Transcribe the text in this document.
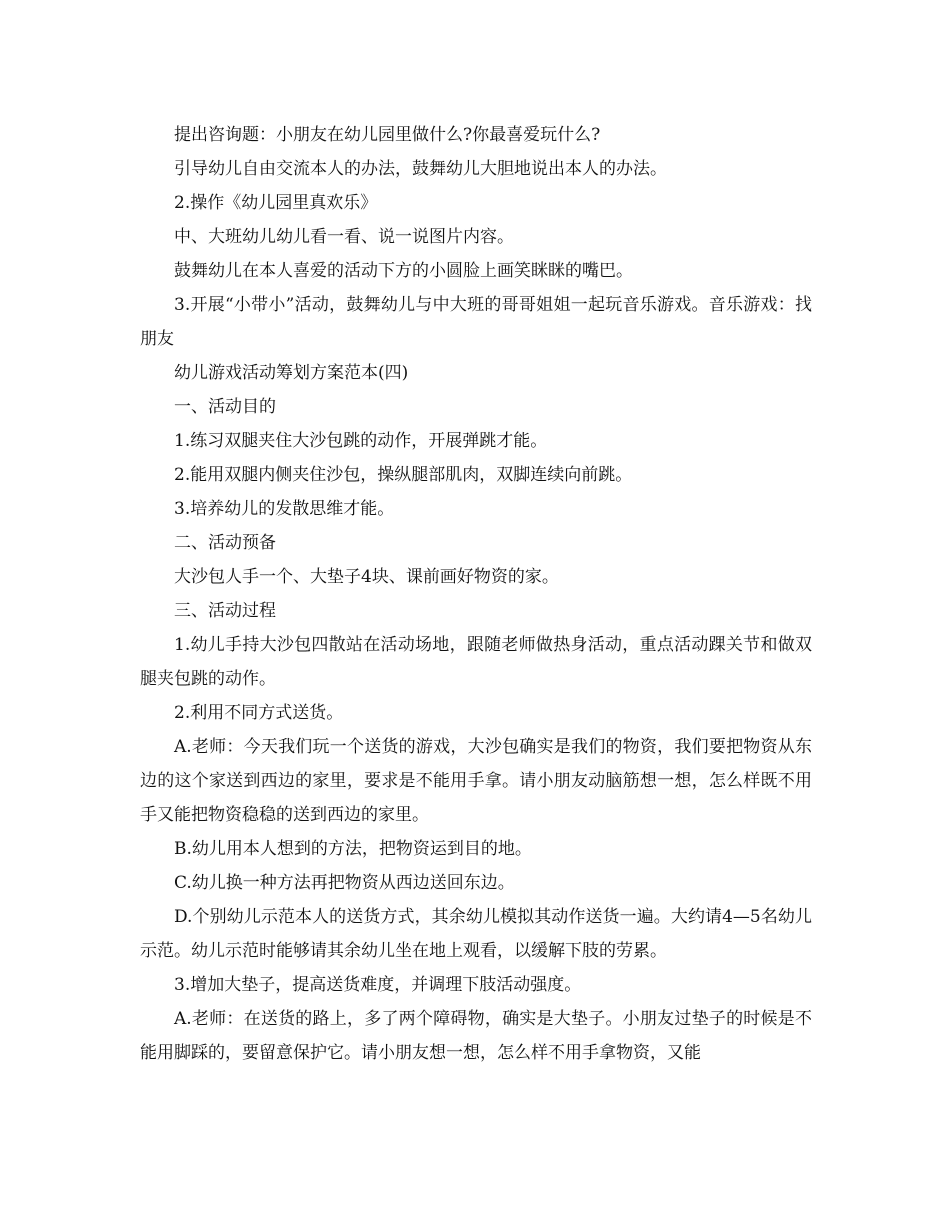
提出咨询题：小朋友在幼儿园里做什么?你最喜爱玩什么?

引导幼儿自由交流本人的办法，鼓舞幼儿大胆地说出本人的办法。

2.操作《幼儿园里真欢乐》

中、大班幼儿幼儿看一看、说一说图片内容。

鼓舞幼儿在本人喜爱的活动下方的小圆脸上画笑眯眯的嘴巴。

3.开展“小带小”活动，鼓舞幼儿与中大班的哥哥姐姐一起玩音乐游戏。音乐游戏：找朋友

幼儿游戏活动筹划方案范本(四)

一、活动目的

1.练习双腿夹住大沙包跳的动作，开展弹跳才能。

2.能用双腿内侧夹住沙包，操纵腿部肌肉，双脚连续向前跳。

3.培养幼儿的发散思维才能。

二、活动预备

大沙包人手一个、大垫子4块、课前画好物资的家。

三、活动过程

1.幼儿手持大沙包四散站在活动场地，跟随老师做热身活动，重点活动踝关节和做双腿夹包跳的动作。

2.利用不同方式送货。

A.老师：今天我们玩一个送货的游戏，大沙包确实是我们的物资，我们要把物资从东边的这个家送到西边的家里，要求是不能用手拿。请小朋友动脑筋想一想，怎么样既不用手又能把物资稳稳的送到西边的家里。

B.幼儿用本人想到的方法，把物资运到目的地。

C.幼儿换一种方法再把物资从西边送回东边。

D.个别幼儿示范本人的送货方式，其余幼儿模拟其动作送货一遍。大约请4—5名幼儿示范。幼儿示范时能够请其余幼儿坐在地上观看，以缓解下肢的劳累。

3.增加大垫子，提高送货难度，并调理下肢活动强度。

A.老师：在送货的路上，多了两个障碍物，确实是大垫子。小朋友过垫子的时候是不能用脚踩的，要留意保护它。请小朋友想一想，怎么样不用手拿物资，又能
